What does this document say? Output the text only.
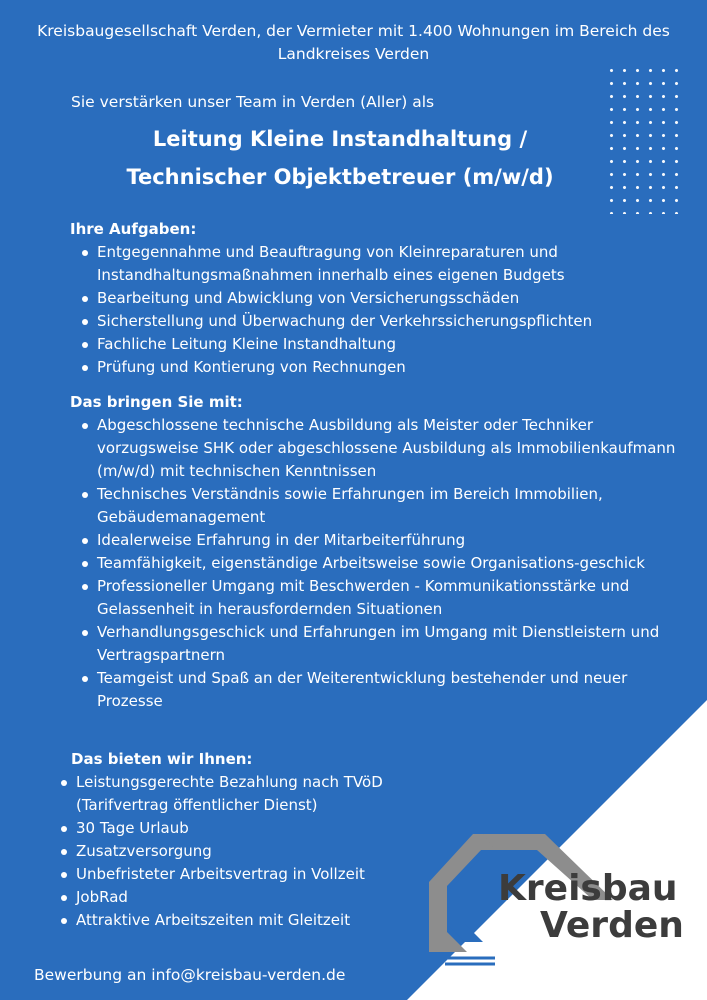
Kreisbaugesellschaft Verden, der Vermieter mit 1.400 Wohnungen im Bereich des Landkreises Verden
Sie verstärken unser Team in Verden (Aller) als
Leitung Kleine Instandhaltung /
Technischer Objektbetreuer (m/w/d)
Ihre Aufgaben:
Entgegennahme und Beauftragung von Kleinreparaturen und Instandhaltungsmaßnahmen innerhalb eines eigenen Budgets
Bearbeitung und Abwicklung von Versicherungsschäden
Sicherstellung und Überwachung der Verkehrssicherungspflichten
Fachliche Leitung Kleine Instandhaltung
Prüfung und Kontierung von Rechnungen
Das bringen Sie mit:
Abgeschlossene technische Ausbildung als Meister oder Techniker vorzugsweise SHK oder abgeschlossene Ausbildung als Immobilienkaufmann (m/w/d) mit technischen Kenntnissen
Technisches Verständnis sowie Erfahrungen im Bereich Immobilien, Gebäudemanagement
Idealerweise Erfahrung in der Mitarbeiterführung
Teamfähigkeit, eigenständige Arbeitsweise sowie Organisations-geschick
Professioneller Umgang mit Beschwerden - Kommunikationsstärke und Gelassenheit in herausfordernden Situationen
Verhandlungsgeschick und Erfahrungen im Umgang mit Dienstleistern und Vertragspartnern
Teamgeist und Spaß an der Weiterentwicklung bestehender und neuer Prozesse
Das bieten wir Ihnen:
Leistungsgerechte Bezahlung nach TVöD (Tarifvertrag öffentlicher Dienst)
30 Tage Urlaub
Zusatzversorgung
Unbefristeter Arbeitsvertrag in Vollzeit
JobRad
Attraktive Arbeitszeiten mit Gleitzeit
Bewerbung an info@kreisbau-verden.de
Kreisbau
Verden
